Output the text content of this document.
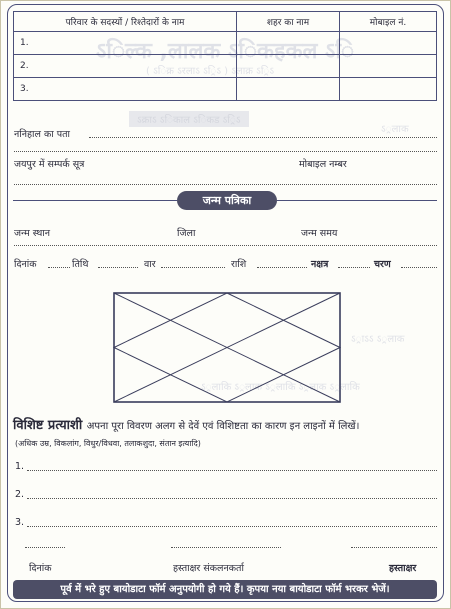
ऽिल्क ,लालक ऽिकहकल ऽि
( ऽिक्र ऽरलाऽ ऽ्रिऽ ) ऽलाक्र ऽ्रिऽ
ऽक्राऽ ऽिकाल ऽिकड ऽ्रिऽ
ऽ्रलाक
ऽ्राऽऽ ऽ्रलाक
ऽ्रलाकि ऽ्रलाक ऽ्रलाकि ऽ्रलाक ऽ्रलाकि
परिवार के सदस्यों / रिश्तेदारों के नाम	शहर का नाम	मोबाइल नं.
1.		
2.		
3.		
ननिहाल का पता
जयपुर में सम्पर्क सूत्र	मोबाइल नम्बर
जन्म पत्रिका
जन्म स्थान	जिला	जन्म समय
दिनांक	तिथि	वार	राशि	नक्षत्र	चरण
विशिष्ट प्रत्याशी अपना पूरा विवरण अलग से देवें एवं विशिष्टता का कारण इन लाइनों में लिखें।
(अधिक उम्र, विकलांग, विधुर/विधवा, तलाकशुदा, संतान इत्यादि)
1.
2.
3.
दिनांक	हस्ताक्षर संकलनकर्ता	हस्ताक्षर
पूर्व में भरे हुए बायोडाटा फॉर्म अनुपयोगी हो गये हैं। कृपया नया बायोडाटा फॉर्म भरकर भेजें।
